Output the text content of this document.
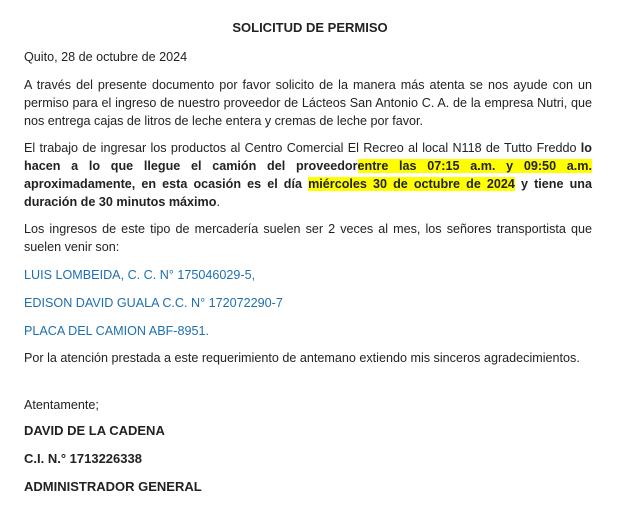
SOLICITUD DE PERMISO
Quito, 28 de octubre de 2024
A través del presente documento por favor solicito de la manera más atenta se nos ayude con un permiso para el ingreso de nuestro proveedor de Lácteos San Antonio C. A. de la empresa Nutri, que nos entrega cajas de litros de leche entera y cremas de leche por favor.
El trabajo de ingresar los productos al Centro Comercial El Recreo al local N118 de Tutto Freddo lo hacen a lo que llegue el camión del proveedorentre las 07:15 a.m. y 09:50 a.m. aproximadamente, en esta ocasión es el día miércoles 30 de octubre de 2024 y tiene una duración de 30 minutos máximo.
Los ingresos de este tipo de mercadería suelen ser 2 veces al mes, los señores transportista que suelen venir son:
LUIS LOMBEIDA, C. C. N° 175046029-5,
EDISON DAVID GUALA C.C. N° 172072290-7
PLACA DEL CAMION ABF-8951.
Por la atención prestada a este requerimiento de antemano extiendo mis sinceros agradecimientos.
Atentamente;
DAVID DE LA CADENA
C.I. N.° 1713226338
ADMINISTRADOR GENERAL
